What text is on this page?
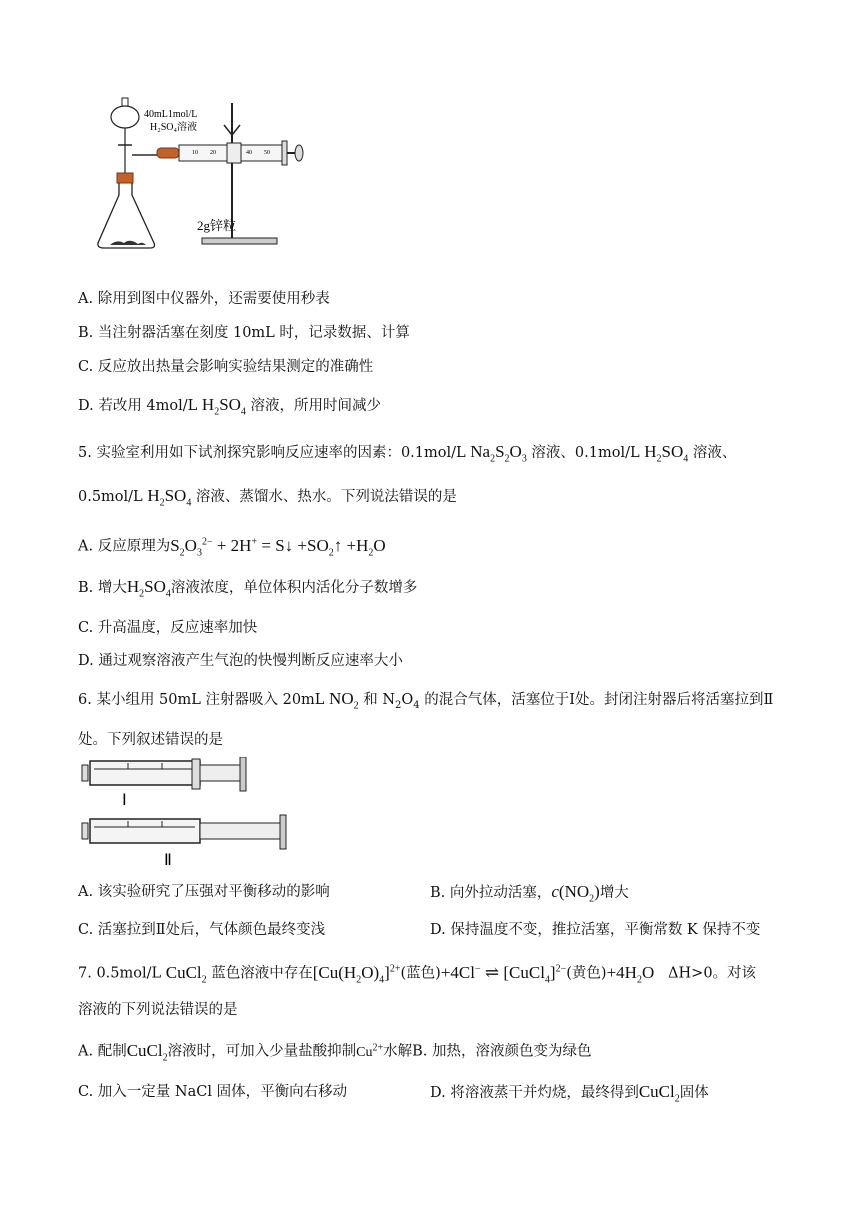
10 20	40 50
40mL1mol/L
H₂SO₄溶液
2g锌粒
A. 除用到图中仪器外，还需要使用秒表
B. 当注射器活塞在刻度 10mL 时，记录数据、计算
C. 反应放出热量会影响实验结果测定的准确性
D. 若改用 4mol/L $H_2SO_4$ 溶液，所用时间减少
5. 实验室利用如下试剂探究影响反应速率的因素：0.1mol/L $Na_2S_2O_3$ 溶液、0.1mol/L $H_2SO_4$ 溶液、
0.5mol/L $H_2SO_4$ 溶液、蒸馏水、热水。下列说法错误的是
A. 反应原理为$S_2O_3^{2-} + 2H^+$ = S↓ $+SO_2↑ +H_2O$
B. 增大$H_2SO_4$溶液浓度，单位体积内活化分子数增多
C. 升高温度，反应速率加快
D. 通过观察溶液产生气泡的快慢判断反应速率大小
6. 某小组用 50mL 注射器吸入 20mL $NO_2$ 和 $N_2O_4$ 的混合气体，活塞位于Ⅰ处。封闭注射器后将活塞拉到Ⅱ
处。下列叙述错误的是
Ⅰ
Ⅱ
A. 该实验研究了压强对平衡移动的影响	B. 向外拉动活塞，$c(NO_2)$增大
C. 活塞拉到Ⅱ处后，气体颜色最终变浅	D. 保持温度不变，推拉活塞，平衡常数 K 保持不变
7. 0.5mol/L CuCl$_2$ 蓝色溶液中存在$[Cu(H_2O)_4]^{2+}$(蓝色)+4Cl− ⇌ [CuCl$_4$]$^{2-}$(黄色)$+4H_2O$ ΔH>0。对该
溶液的下列说法错误的是
A. 配制CuCl$_2$溶液时，可加入少量盐酸抑制$Cu^{2+}$水解B. 加热，溶液颜色变为绿色
C. 加入一定量 NaCl 固体，平衡向右移动	D. 将溶液蒸干并灼烧，最终得到CuCl$_2$固体
